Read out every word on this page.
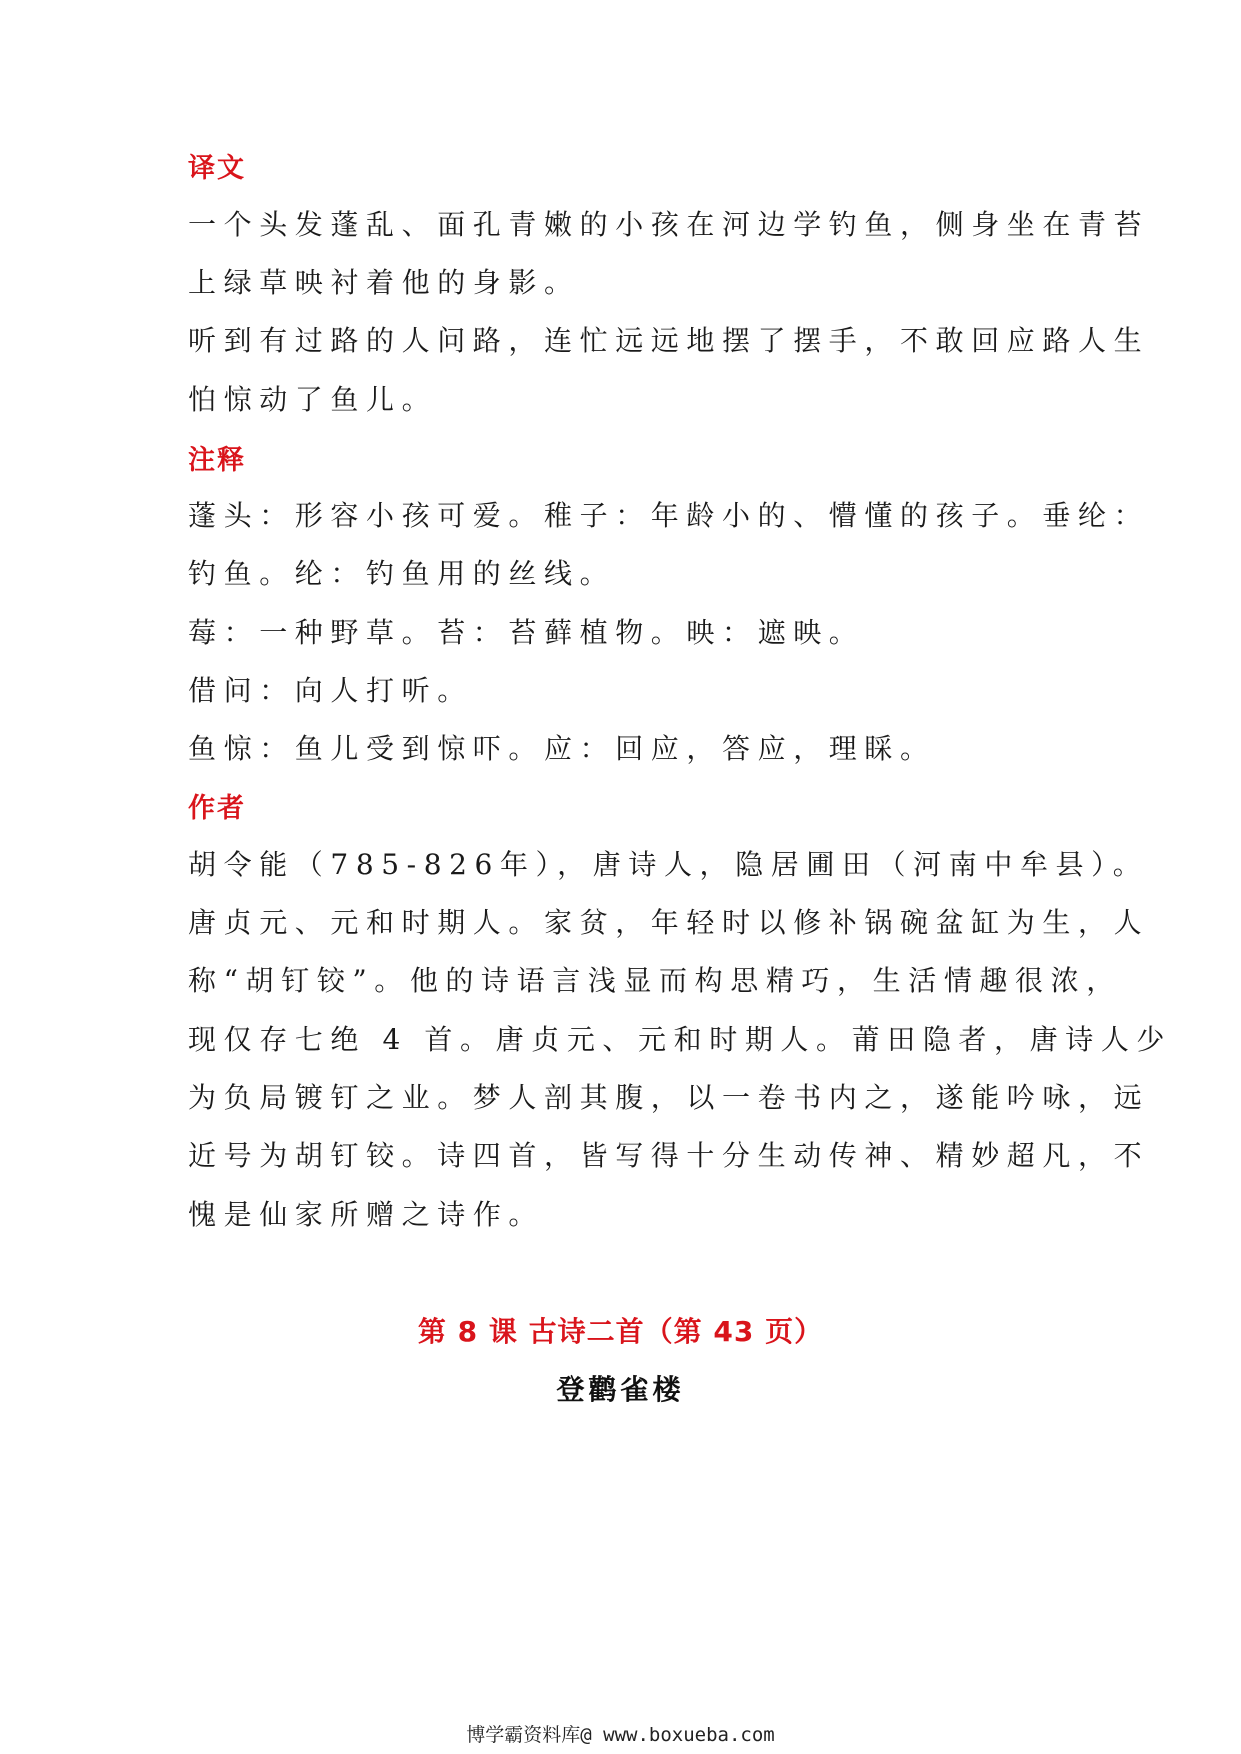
译文
一个头发蓬乱、面孔青嫩的小孩在河边学钓鱼，侧身坐在青苔
上绿草映衬着他的身影。
听到有过路的人问路，连忙远远地摆了摆手，不敢回应路人生
怕惊动了鱼儿。
注释
蓬头：形容小孩可爱。稚子：年龄小的、懵懂的孩子。垂纶：
钓鱼。纶：钓鱼用的丝线。
莓：一种野草。苔：苔藓植物。映：遮映。
借问：向人打听。
鱼惊：鱼儿受到惊吓。应：回应，答应，理睬。
作者
胡令能（785-826年），唐诗人，隐居圃田（河南中牟县）。
唐贞元、元和时期人。家贫，年轻时以修补锅碗盆缸为生，人
称“胡钉铰”。他的诗语言浅显而构思精巧，生活情趣很浓，
现仅存七绝 4 首。唐贞元、元和时期人。莆田隐者，唐诗人少
为负局镀钉之业。梦人剖其腹，以一卷书内之，遂能吟咏，远
近号为胡钉铰。诗四首，皆写得十分生动传神、精妙超凡，不
愧是仙家所赠之诗作。
第 8 课 古诗二首（第 43 页）
登鹳雀楼
博学霸资料库@ www.boxueba.com
